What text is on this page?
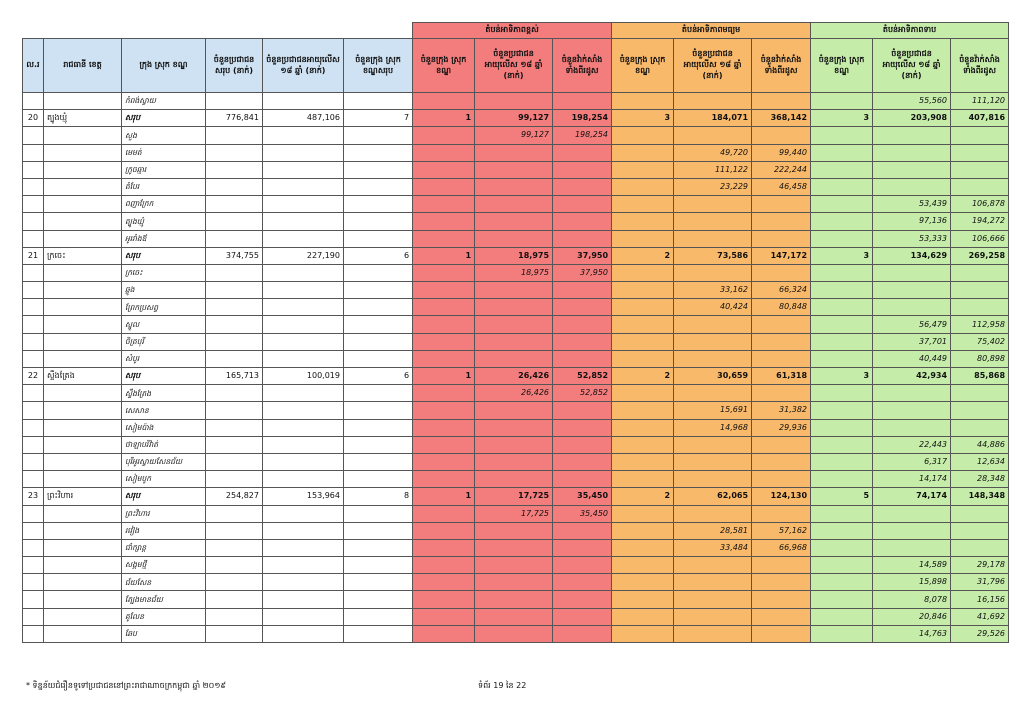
						តំបន់អាទិភាពខ្ពស់			តំបន់អាទិភាពមធ្យម			តំបន់អាទិភាពទាប		
ល.រ	រាជធានី ខេត្ត	ក្រុង ស្រុក ខណ្ឌ	ចំនួនប្រជាជនសរុប (នាក់)	ចំនួនប្រជាជនអាយុលើស ១៨ ឆ្នាំ (នាក់)	ចំនួនក្រុង ស្រុក ខណ្ឌសរុប	ចំនួនក្រុង ស្រុក ខណ្ឌ	ចំនួនប្រជាជនអាយុលើស ១៨ ឆ្នាំ (នាក់)	ចំនួនវ៉ាក់សាំងទាំងពីរដូស	ចំនួនក្រុង ស្រុក ខណ្ឌ	ចំនួនប្រជាជនអាយុលើស ១៨ ឆ្នាំ (នាក់)	ចំនួនវ៉ាក់សាំងទាំងពីរដូស	ចំនួនក្រុង ស្រុក ខណ្ឌ	ចំនួនប្រជាជនអាយុលើស ១៨ ឆ្នាំ (នាក់)	ចំនួនវ៉ាក់សាំងទាំងពីរដូស
		កំពង់ស្វាយ											55,560	111,120
20	ត្បូងឃ្មុំ	សរុប	776,841	487,106	7	1	99,127	198,254	3	184,071	368,142	3	203,908	407,816
		សួង					99,127	198,254						
		មេមត់								49,720	99,440			
		ក្រូចឆ្មារ								111,122	222,244			
		តំបែរ								23,229	46,458			
		ពញាក្រែក											53,439	106,878
		ត្បូងឃ្មុំ											97,136	194,272
		អូររាំងឪ											53,333	106,666
21	ក្រចេះ	សរុប	374,755	227,190	6	1	18,975	37,950	2	73,586	147,172	3	134,629	269,258
		ក្រចេះ					18,975	37,950						
		ឆ្លូង								33,162	66,324			
		ព្រែកប្រសព្វ								40,424	80,848			
		ស្នួល											56,479	112,958
		ចិត្របុរី											37,701	75,402
		សំបូរ											40,449	80,898
22	ស្ទឹងត្រែង	សរុប	165,713	100,019	6	1	26,426	52,852	2	30,659	61,318	3	42,934	85,868
		ស្ទឹងត្រែង					26,426	52,852						
		សេសាន								15,691	31,382			
		សៀមប៉ាង								14,968	29,936			
		ថាឡាបរិវ៉ាត់											22,443	44,886
		បុរីអូរស្វាយសែនជ័យ											6,317	12,634
		សៀមបូក											14,174	28,348
23	ព្រះវិហារ	សរុប	254,827	153,964	8	1	17,725	35,450	2	62,065	124,130	5	74,174	148,348
		ព្រះវិហារ					17,725	35,450						
		រវៀង								28,581	57,162			
		ជាំក្សាន្ត								33,484	66,968			
		សង្គមថ្មី											14,589	29,178
		ជ័យសែន											15,898	31,796
		ត្បែងមានជ័យ											8,078	16,156
		គូលែន											20,846	41,692
		ឆែប											14,763	29,526
* ទិន្នន័យជំរឿនទូទៅប្រជាជននៅព្រះរាជាណាចក្រកម្ពុជា ឆ្នាំ ២០១៩	ទំព័រ 19 នៃ 22
